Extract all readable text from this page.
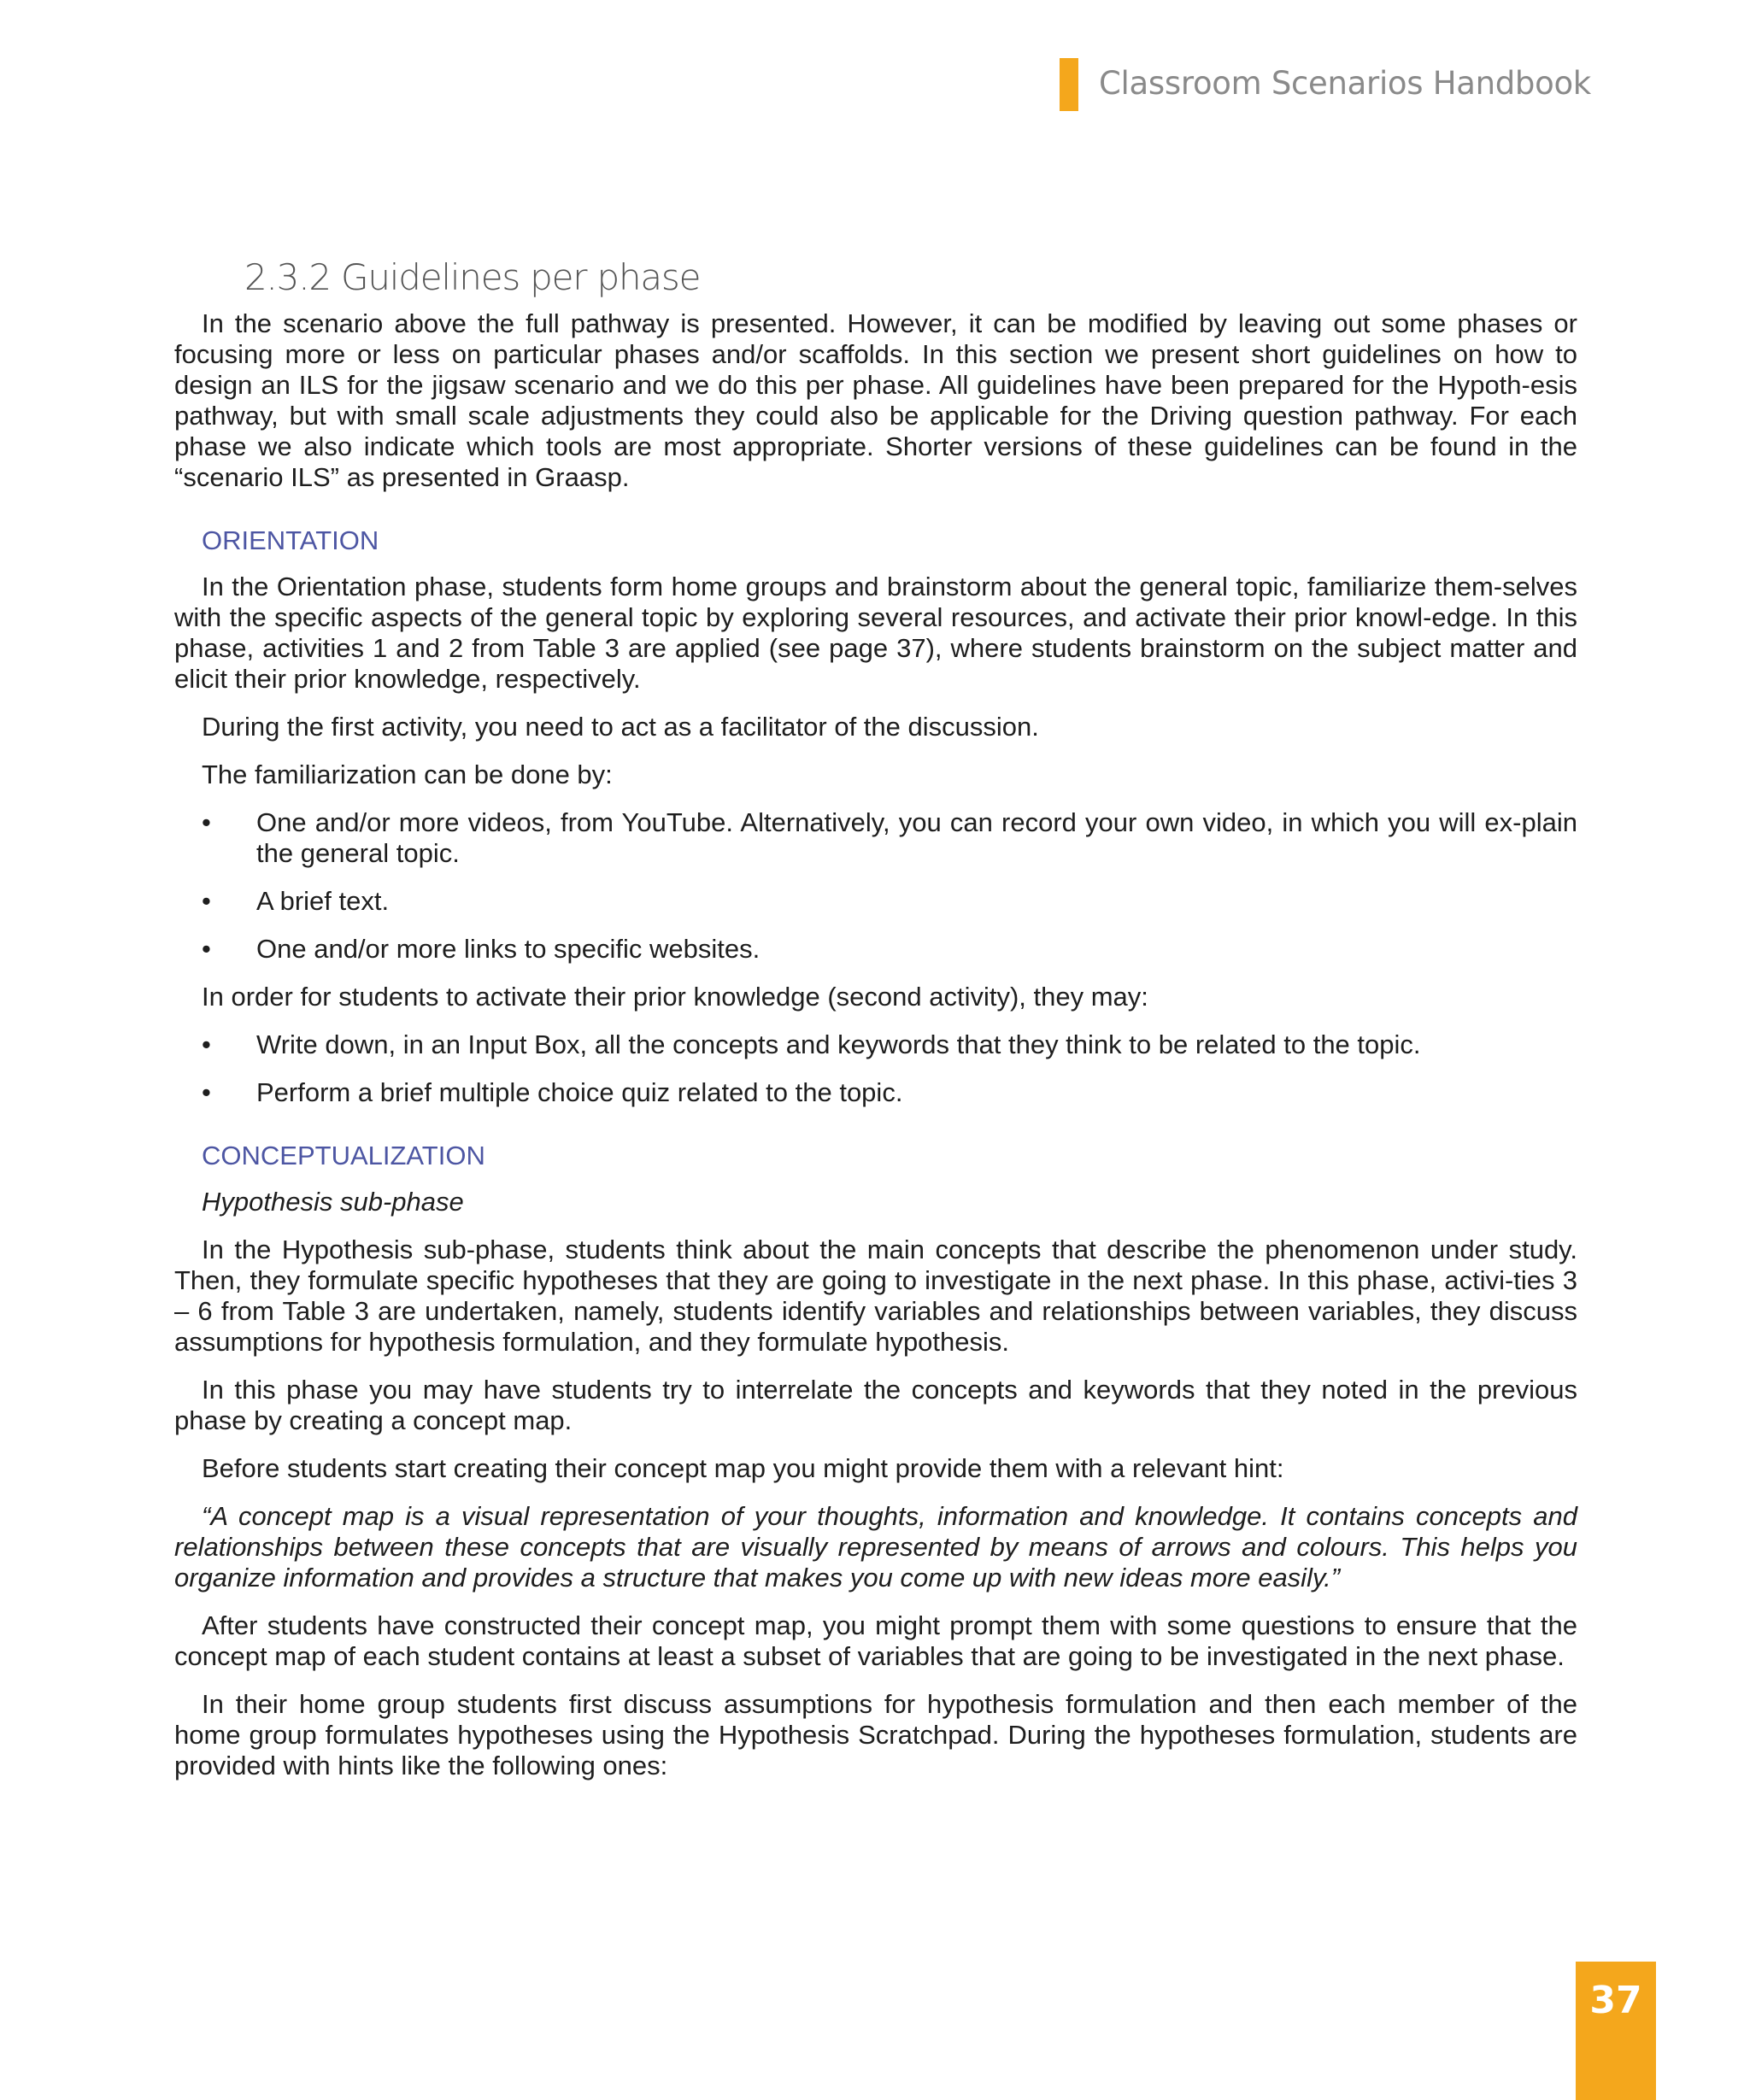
Classroom Scenarios Handbook
2.3.2 Guidelines per phase

In the scenario above the full pathway is presented. However, it can be modified by leaving out some phases or focusing more or less on particular phases and/or scaffolds. In this section we present short guidelines on how to design an ILS for the jigsaw scenario and we do this per phase. All guidelines have been prepared for the Hypoth-esis pathway, but with small scale adjustments they could also be applicable for the Driving question pathway. For each phase we also indicate which tools are most appropriate. Shorter versions of these guidelines can be found in the “scenario ILS” as presented in Graasp.

ORIENTATION

In the Orientation phase, students form home groups and brainstorm about the general topic, familiarize them-selves with the specific aspects of the general topic by exploring several resources, and activate their prior knowl-edge. In this phase, activities 1 and 2 from Table 3 are applied (see page 37), where students brainstorm on the subject matter and elicit their prior knowledge, respectively.

During the first activity, you need to act as a facilitator of the discussion.

The familiarization can be done by:

• One and/or more videos, from YouTube. Alternatively, you can record your own video, in which you will ex-plain the general topic.
• A brief text.
• One and/or more links to specific websites.

In order for students to activate their prior knowledge (second activity), they may:

• Write down, in an Input Box, all the concepts and keywords that they think to be related to the topic.
• Perform a brief multiple choice quiz related to the topic.
CONCEPTUALIZATION
Hypothesis sub-phase

In the Hypothesis sub-phase, students think about the main concepts that describe the phenomenon under study. Then, they formulate specific hypotheses that they are going to investigate in the next phase. In this phase, activi-ties 3 – 6 from Table 3 are undertaken, namely, students identify variables and relationships between variables, they discuss assumptions for hypothesis formulation, and they formulate hypothesis.

In this phase you may have students try to interrelate the concepts and keywords that they noted in the previous phase by creating a concept map.

Before students start creating their concept map you might provide them with a relevant hint:

“A concept map is a visual representation of your thoughts, information and knowledge. It contains concepts and relationships between these concepts that are visually represented by means of arrows and colours. This helps you organize information and provides a structure that makes you come up with new ideas more easily.”

After students have constructed their concept map, you might prompt them with some questions to ensure that the concept map of each student contains at least a subset of variables that are going to be investigated in the next phase.

In their home group students first discuss assumptions for hypothesis formulation and then each member of the home group formulates hypotheses using the Hypothesis Scratchpad. During the hypotheses formulation, students are provided with hints like the following ones:

37
